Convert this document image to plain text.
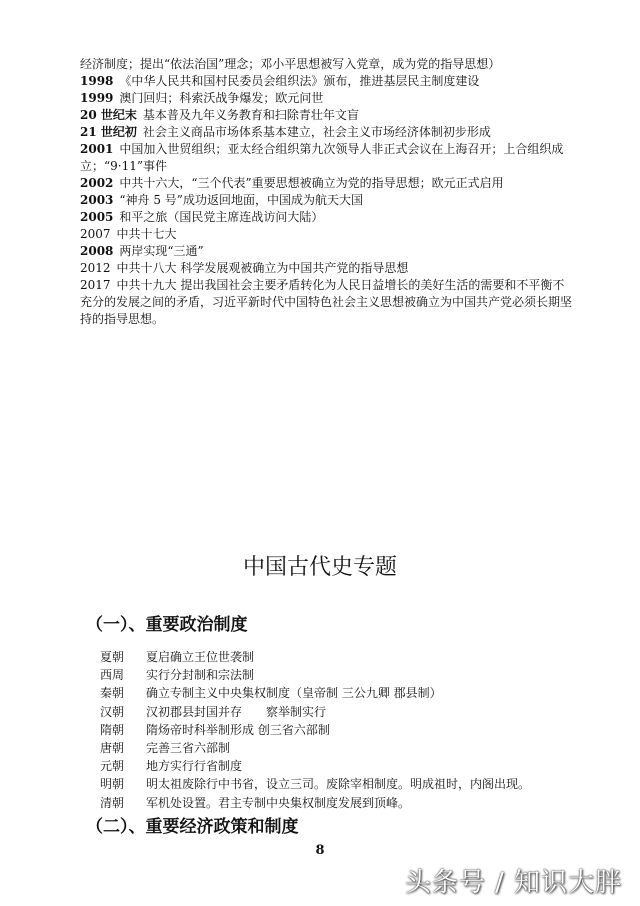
经济制度；提出“依法治国”理念；邓小平思想被写入党章，成为党的指导思想）

1998 《中华人民共和国村民委员会组织法》颁布，推进基层民主制度建设

1999 澳门回归；科索沃战争爆发；欧元问世

20 世纪末 基本普及九年义务教育和扫除青壮年文盲

21 世纪初 社会主义商品市场体系基本建立，社会主义市场经济体制初步形成

2001 中国加入世贸组织；亚太经合组织第九次领导人非正式会议在上海召开；上合组织成立；“9·11”事件

2002 中共十六大，“三个代表”重要思想被确立为党的指导思想；欧元正式启用

2003 “神舟 5 号”成功返回地面，中国成为航天大国

2005 和平之旅（国民党主席连战访问大陆）

2007 中共十七大

2008 两岸实现“三通”

2012 中共十八大 科学发展观被确立为中国共产党的指导思想

2017 中共十九大 提出我国社会主要矛盾转化为人民日益增长的美好生活的需要和不平衡不充分的发展之间的矛盾，习近平新时代中国特色社会主义思想被确立为中国共产党必须长期坚持的指导思想。

中国古代史专题
（一）、重要政治制度
夏朝	夏启确立王位世袭制
西周	实行分封制和宗法制
秦朝	确立专制主义中央集权制度（皇帝制 三公九卿 郡县制）
汉朝	汉初郡县封国并存　　察举制实行
隋朝	隋炀帝时科举制形成 创三省六部制
唐朝	完善三省六部制
元朝	地方实行行省制度
明朝	明太祖废除行中书省，设立三司。废除宰相制度。明成祖时，内阁出现。
清朝	军机处设置。君主专制中央集权制度发展到顶峰。
（二）、重要经济政策和制度
8
头条号 / 知识大胖
